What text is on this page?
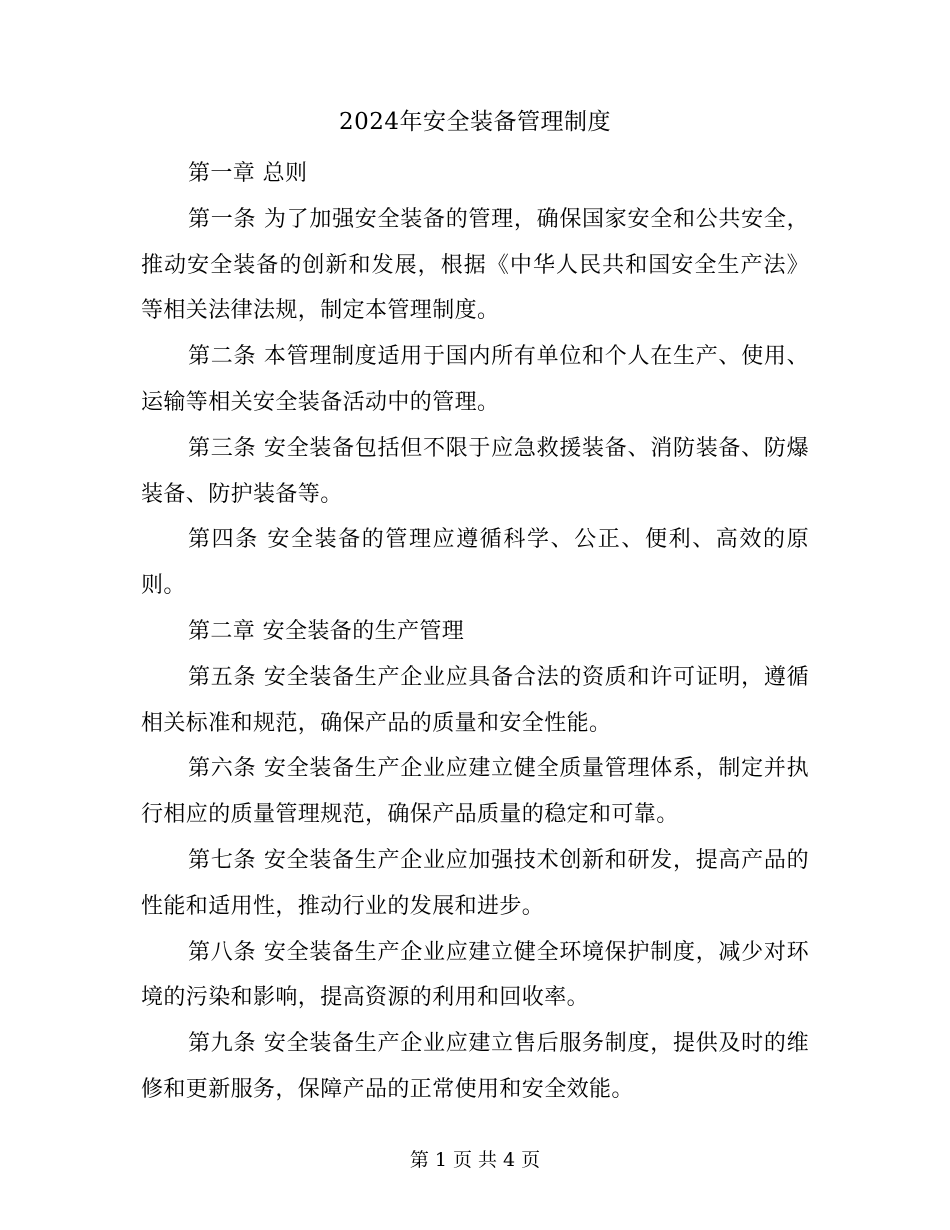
2024年安全装备管理制度

第一章 总则

第一条 为了加强安全装备的管理，确保国家安全和公共安全，推动安全装备的创新和发展，根据《中华人民共和国安全生产法》等相关法律法规，制定本管理制度。

第二条 本管理制度适用于国内所有单位和个人在生产、使用、运输等相关安全装备活动中的管理。

第三条 安全装备包括但不限于应急救援装备、消防装备、防爆装备、防护装备等。

第四条 安全装备的管理应遵循科学、公正、便利、高效的原则。

第二章 安全装备的生产管理

第五条 安全装备生产企业应具备合法的资质和许可证明，遵循相关标准和规范，确保产品的质量和安全性能。

第六条 安全装备生产企业应建立健全质量管理体系，制定并执行相应的质量管理规范，确保产品质量的稳定和可靠。

第七条 安全装备生产企业应加强技术创新和研发，提高产品的性能和适用性，推动行业的发展和进步。

第八条 安全装备生产企业应建立健全环境保护制度，减少对环境的污染和影响，提高资源的利用和回收率。

第九条 安全装备生产企业应建立售后服务制度，提供及时的维修和更新服务，保障产品的正常使用和安全效能。

第 1 页 共 4 页
